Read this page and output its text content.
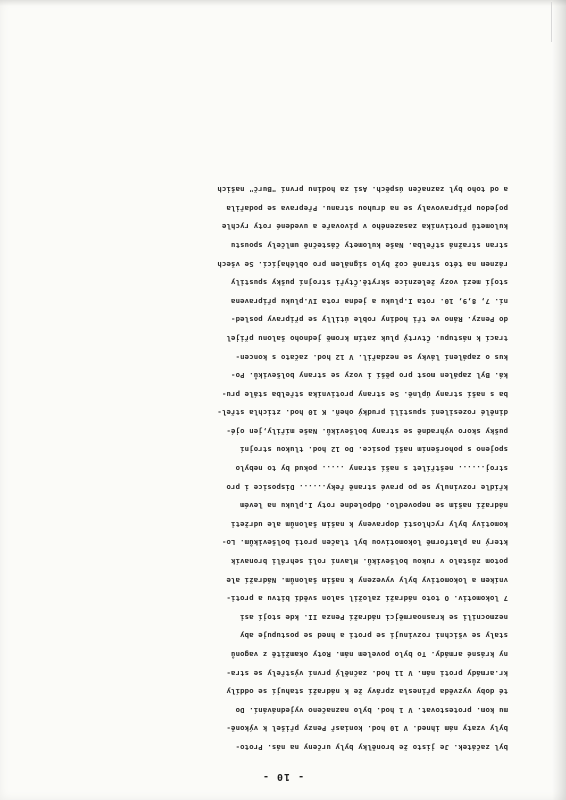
- 10 -
byl začátek. Je jisto že bronělky byly určeny na nás. Proto-
byly vzaty nám ihned. V 10 hod. koniasř Penzy přišel k výkoně-
mu kom. protestovat. V 1 hod. bylo naznačeno vyjednávání. Do
té doby vyzvěda přinesla zprávy že k nádraží stahují se oddíly
kr.armády proti nám. V 11 hod. začnělý první výstřely se stra-
ny krásné armády. To bylo povelem nám. Roty okamžitě z vagonů
staly se všichni rozvinuji se proti a hned se postupuje aby
nezmocnili se krasnoarmějci nádraží Penza II. kde stojí asi
7 lokomotiv. O toto nádraží založil salon svědí bitvu a proti-
vníkem a lokomotivy byly vyvezeny k našim šalonům. Nádraží ale
potom zůstalo v rukou bolševiků. Hlavní roli sehráli bronavík
který na platformě lokomotivou byl tlačen proti bolševikům. Lo-
komotivy byly rychlostí dopraveny k našim šalonům ale udržeti
nádraží našim se nepovedlo. Odpoledne roty I.pluku na levém
křídle rozvinuly se po pravé straně řeky...... Disposice i pro
stroj...... neštřílet s naší strany ..... pokud by to nebylo
spojeno s pohoršením naší posice. Do 12 hod. tlukou strojní
pušky skoro výhradně se strany bolševiků. Naše mířily,jen ojé-
dinělé rozesilení spustili prudký oheň. K 10 hod. ztichla střel-
ba s naší strany úplně. Se strany protivníka střelba stále pru-
ká. Byl zapálen most pro pěší i vozy se strany bolševiků. Po-
kus o zapálení lávky se nezdařil. V 12 hod. začato s koncen-
trací k nástupu. Čtvrtý pluk zatím kromě jednoho šalonu přijel
do Penzy. Ráno ve tři hodiny roble útilly se připravy posled-
ní. 7, 8,9, 10. rota I.pluku a jedna rota IV.pluku připravena
stojí mezi vozy železnice skrytě.Čtyři strojní pušky spustily
ráznem na této straně což bylo signálem pro obléhající. Se všech
stran stražná střelba. Naše kulomety částečně umlčely spoustu
kulometů protivníka zasazeného v pivovaře a uvedené roty rychle
pojedou připravovaly se na druhou stranu. Přeprava se podařila
a od toho byl zaznačen úspěch. Asi za hodinu první "Burč" našich
